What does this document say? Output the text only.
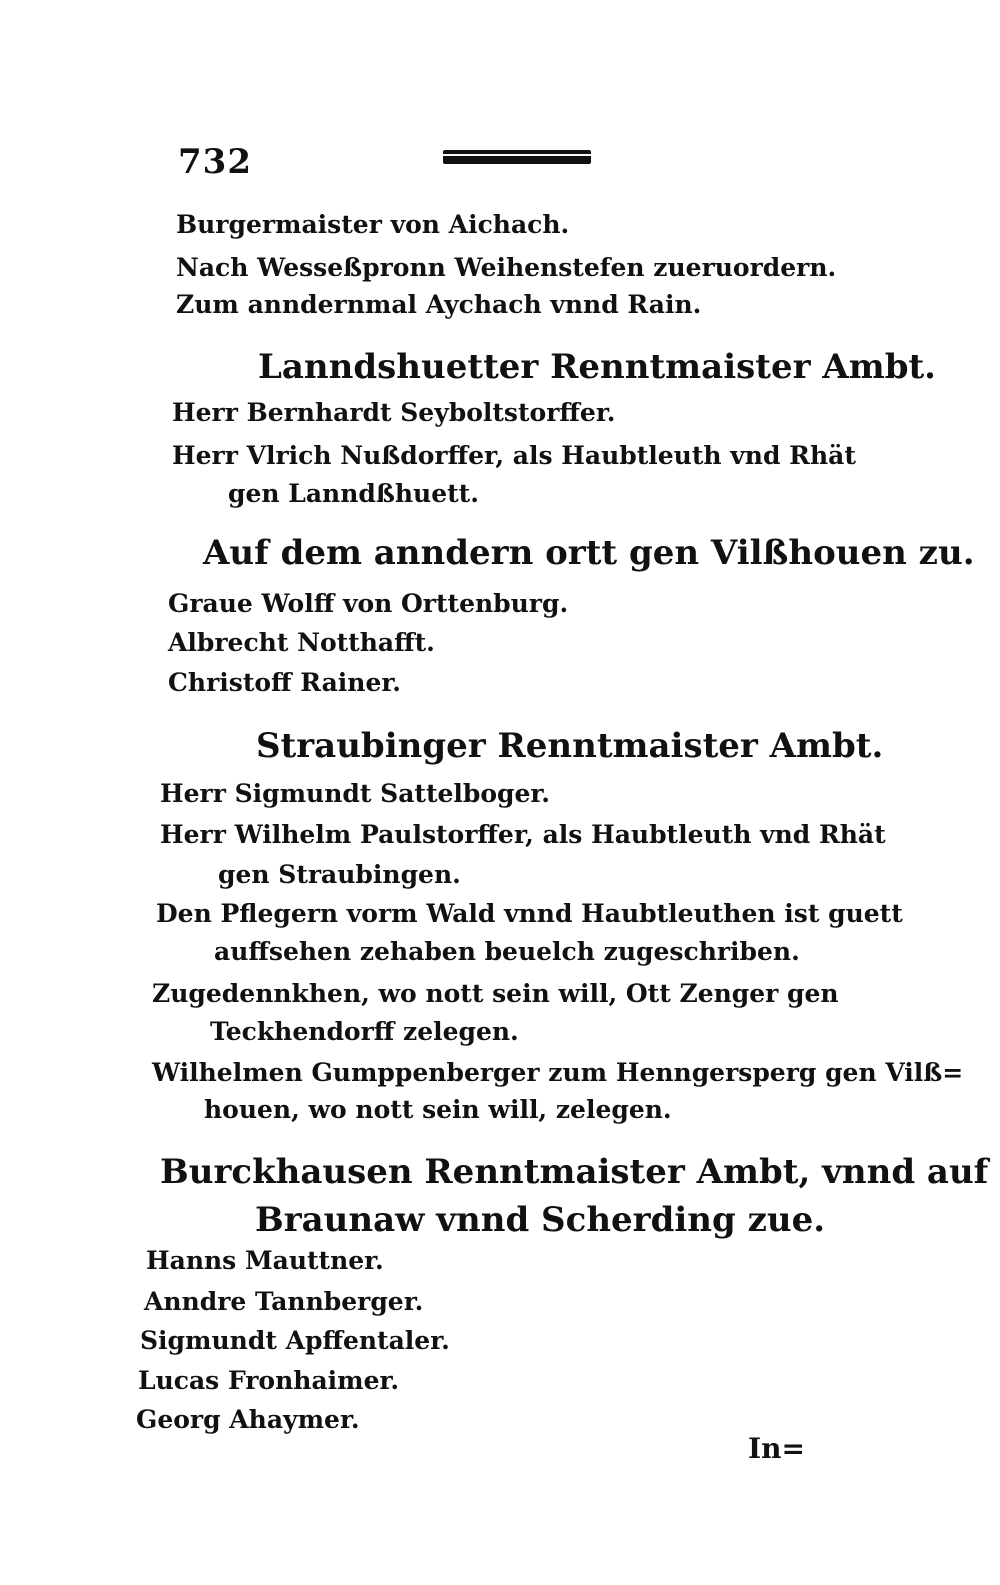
732
Burgermaister von Aichach.
Nach Wesseßpronn Weihenstefen zueruordern.
Zum anndernmal Aychach vnnd Rain.
Lanndshuetter Renntmaister Ambt.
Herr Bernhardt Seyboltstorffer.
Herr Vlrich Nußdorffer, als Haubtleuth vnd Rhät
gen Lanndßhuett.
Auf dem anndern ortt gen Vilßhouen zu.
Graue Wolff von Orttenburg.
Albrecht Notthafft.
Christoff Rainer.
Straubinger Renntmaister Ambt.
Herr Sigmundt Sattelboger.
Herr Wilhelm Paulstorffer, als Haubtleuth vnd Rhät
gen Straubingen.
Den Pflegern vorm Wald vnnd Haubtleuthen ist guett
auffsehen zehaben beuelch zugeschriben.
Zugedennkhen, wo nott sein will, Ott Zenger gen
Teckhendorff zelegen.
Wilhelmen Gumppenberger zum Henngersperg gen Vilß=
houen, wo nott sein will, zelegen.
Burckhausen Renntmaister Ambt, vnnd auf
Braunaw vnnd Scherding zue.
Hanns Mauttner.
Anndre Tannberger.
Sigmundt Apffentaler.
Lucas Fronhaimer.
Georg Ahaymer.
In=
